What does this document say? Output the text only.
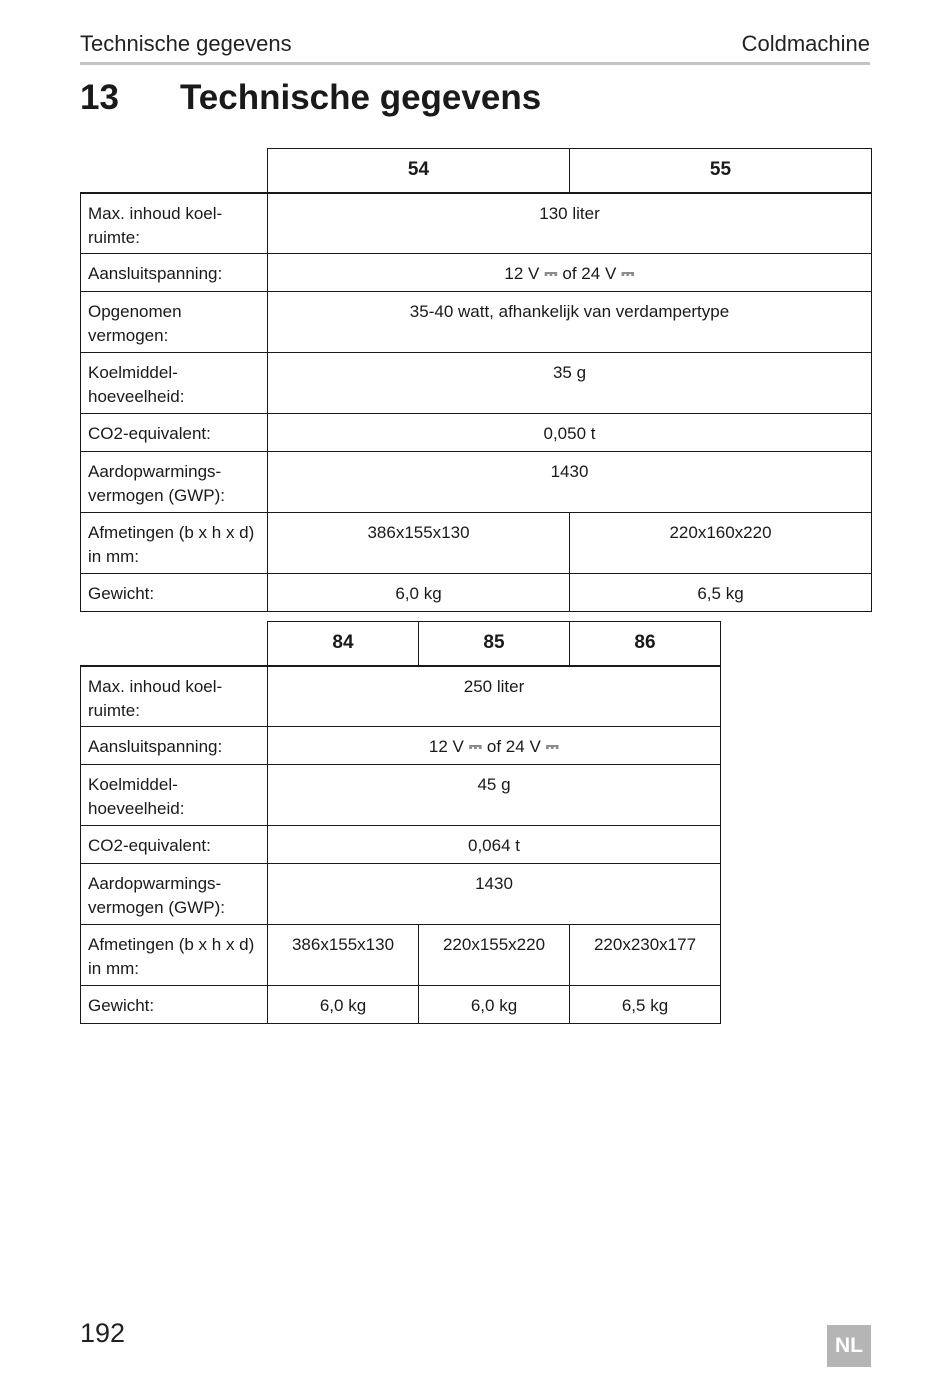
Technische gegevens	Coldmachine
13 Technische gegevens
	54	55
Max. inhoud koel-
ruimte:	130 liter	
Aansluitspanning:	12 V ⎓ of 24 V ⎓	
Opgenomen
vermogen:	35-40 watt, afhankelijk van verdampertype	
Koelmiddel-
hoeveelheid:	35 g	
CO2-equivalent:	0,050 t	
Aardopwarmings-
vermogen (GWP):	1430	
Afmetingen (b x h x d)
in mm:	386x155x130	220x160x220
Gewicht:	6,0 kg	6,5 kg
	84	85	86
Max. inhoud koel-
ruimte:	250 liter		
Aansluitspanning:	12 V ⎓ of 24 V ⎓		
Koelmiddel-
hoeveelheid:	45 g		
CO2-equivalent:	0,064 t		
Aardopwarmings-
vermogen (GWP):	1430		
Afmetingen (b x h x d)
in mm:	386x155x130	220x155x220	220x230x177
Gewicht:	6,0 kg	6,0 kg	6,5 kg
192	NL
